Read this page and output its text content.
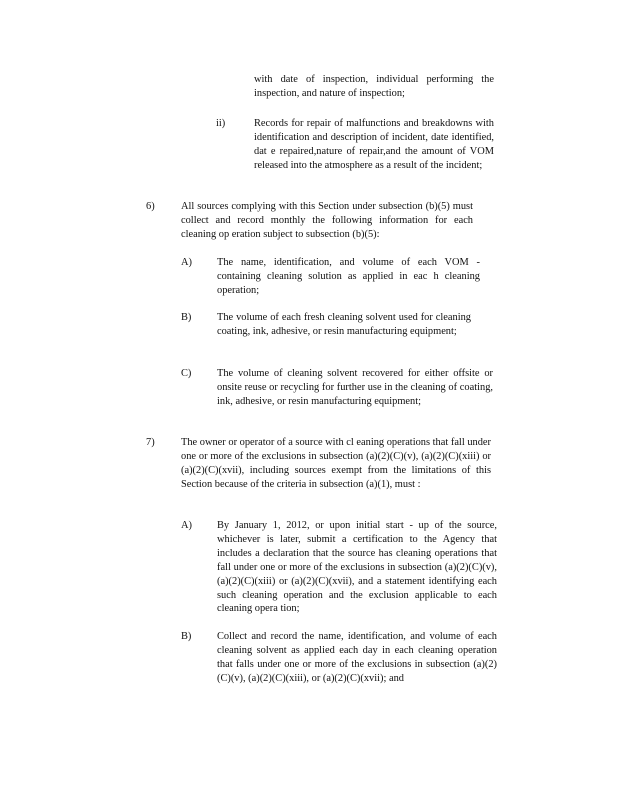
with date of inspection, individual performing the inspection, and nature of inspection;

ii)	Records for repair of malfunctions and breakdowns with identification and description of incident, date identified, dat e repaired,nature of repair,and the amount of VOM released into the atmosphere as a result of the incident;

6)	All sources complying with this Section under subsection (b)(5) must collect and record monthly the following information for each cleaning op eration subject to subsection (b)(5):

A) The name, identification, and volume of each VOM - containing cleaning solution as applied in eac h cleaning operation;

B) The volume of each fresh cleaning solvent used for cleaning coating, ink, adhesive, or resin manufacturing equipment;

C) The volume of cleaning solvent recovered for either offsite or onsite reuse or recycling for further use in the cleaning of coating, ink, adhesive, or resin manufacturing equipment;

7)	The owner or operator of a source with cl eaning operations that fall under one or more of the exclusions in subsection (a)(2)(C)(v), (a)(2)(C)(xiii) or (a)(2)(C)(xvii), including sources exempt from the limitations of this Section because of the criteria in subsection (a)(1), must :

A) By January 1, 2012, or upon initial start - up of the source, whichever is later, submit a certification to the Agency that includes a declaration that the source has cleaning operations that fall under one or more of the exclusions in subsection (a)(2)(C)(v), (a)(2)(C)(xiii) or (a)(2)(C)(xvii), and a statement identifying each such cleaning operation and the exclusion applicable to each cleaning opera tion;

B) Collect and record the name, identification, and volume of each cleaning solvent as applied each day in each cleaning operation that falls under one or more of the exclusions in subsection (a)(2)(C)(v), (a)(2)(C)(xiii), or (a)(2)(C)(xvii); and
